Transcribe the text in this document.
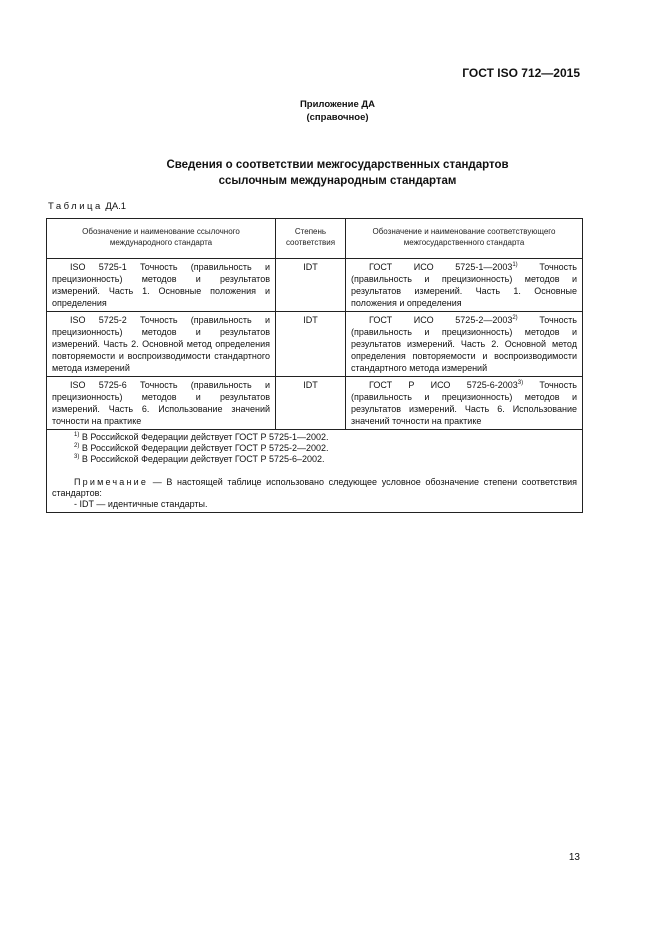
ГОСТ ISO 712—2015
Приложение ДА
(справочное)
Сведения о соответствии межгосударственных стандартов
ссылочным международным стандартам
Таблица ДА.1
Обозначение и наименование ссылочного международного стандарта	Степень соответствия	Обозначение и наименование соответствующего межгосударственного стандарта
ISO 5725-1 Точность (правильность и прецизионность) методов и результатов измерений. Часть 1. Основные положения и определения	IDT	ГОСТ ИСО 5725-1—2003$^{1)}$ Точность (правильность и прецизионность) методов и результатов измерений. Часть 1. Основные положения и определения
ISO 5725-2 Точность (правильность и прецизионность) методов и результатов измерений. Часть 2. Основной метод определения повторяемости и воспроизводимости стандартного метода измерений	IDT	ГОСТ ИСО 5725-2—2003$^{2)}$ Точность (правильность и прецизионность) методов и результатов измерений. Часть 2. Основной метод определения повторяемости и воспроизводимости стандартного метода измерений
ISO 5725-6 Точность (правильность и прецизионность) методов и результатов измерений. Часть 6. Использование значений точности на практике	IDT	ГОСТ Р ИСО 5725-6-2003$^{3)}$ Точность (правильность и прецизионность) методов и результатов измерений. Часть 6. Использование значений точности на практике

$^{1)}$ В Российской Федерации действует ГОСТ Р 5725-1—2002.
$^{2)}$ В Российской Федерации действует ГОСТ Р 5725-2—2002.
$^{3)}$ В Российской Федерации действует ГОСТ Р 5725-6–2002.
Примечание — В настоящей таблице использовано следующее условное обозначение степени соответствия стандартов:
- IDT — идентичные стандарты.		
13
